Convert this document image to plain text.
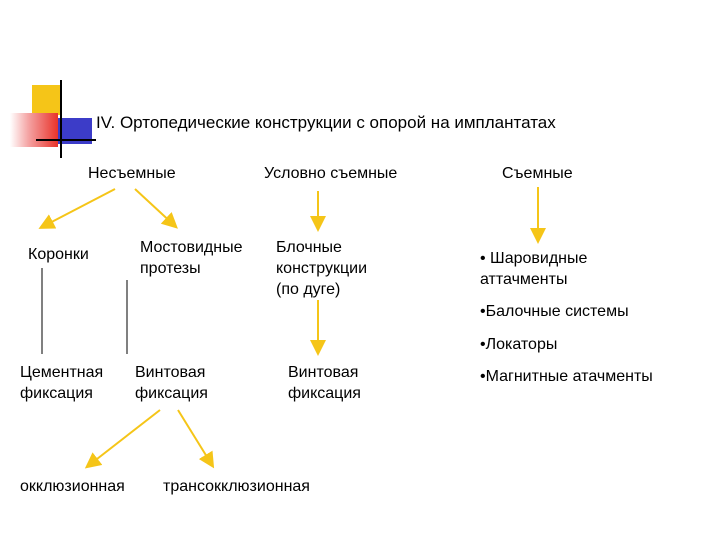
IV. Ортопедические конструкции с опорой на имплантатах
Несъемные	Условно съемные	Съемные
Коронки	Мостовидные
протезы
Блочные
конструкции
(по дуге)
• Шаровидные
аттачменты
•Балочные системы
•Локаторы
•Магнитные атачменты
Цементная
фиксация
Винтовая
фиксация
Винтовая
фиксация
окклюзионная трансокклюзионная
